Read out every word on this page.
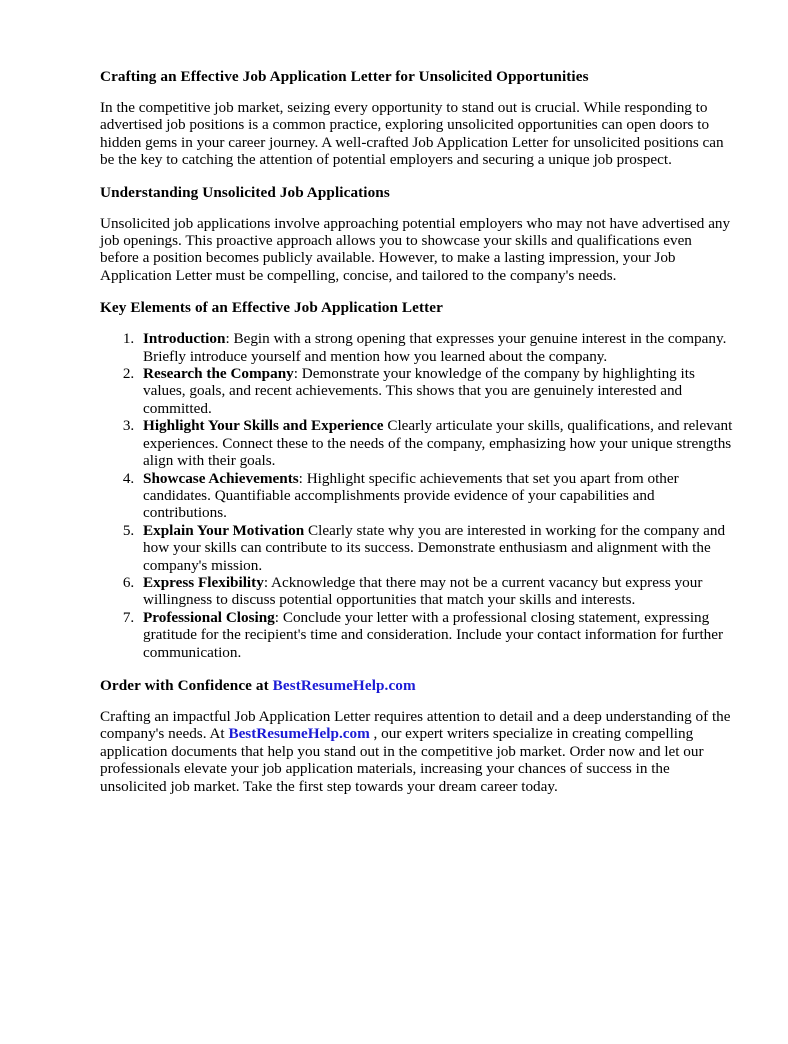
Crafting an Effective Job Application Letter for Unsolicited Opportunities

In the competitive job market, seizing every opportunity to stand out is crucial. While responding to advertised job positions is a common practice, exploring unsolicited opportunities can open doors to hidden gems in your career journey. A well-crafted Job Application Letter for unsolicited positions can be the key to catching the attention of potential employers and securing a unique job prospect.

Understanding Unsolicited Job Applications

Unsolicited job applications involve approaching potential employers who may not have advertised any job openings. This proactive approach allows you to showcase your skills and qualifications even before a position becomes publicly available. However, to make a lasting impression, your Job Application Letter must be compelling, concise, and tailored to the company's needs.

Key Elements of an Effective Job Application Letter
1. Introduction: Begin with a strong opening that expresses your genuine interest in the company. Briefly introduce yourself and mention how you learned about the company.
2. Research the Company: Demonstrate your knowledge of the company by highlighting its values, goals, and recent achievements. This shows that you are genuinely interested and committed.
3. Highlight Your Skills and Experience Clearly articulate your skills, qualifications, and relevant experiences. Connect these to the needs of the company, emphasizing how your unique strengths align with their goals.
4. Showcase Achievements: Highlight specific achievements that set you apart from other candidates. Quantifiable accomplishments provide evidence of your capabilities and contributions.
5. Explain Your Motivation Clearly state why you are interested in working for the company and how your skills can contribute to its success. Demonstrate enthusiasm and alignment with the company's mission.
6. Express Flexibility: Acknowledge that there may not be a current vacancy but express your willingness to discuss potential opportunities that match your skills and interests.
7. Professional Closing: Conclude your letter with a professional closing statement, expressing gratitude for the recipient's time and consideration. Include your contact information for further communication.
Order with Confidence at BestResumeHelp.com

Crafting an impactful Job Application Letter requires attention to detail and a deep understanding of the company's needs. At BestResumeHelp.com , our expert writers specialize in creating compelling application documents that help you stand out in the competitive job market. Order now and let our professionals elevate your job application materials, increasing your chances of success in the unsolicited job market. Take the first step towards your dream career today.
